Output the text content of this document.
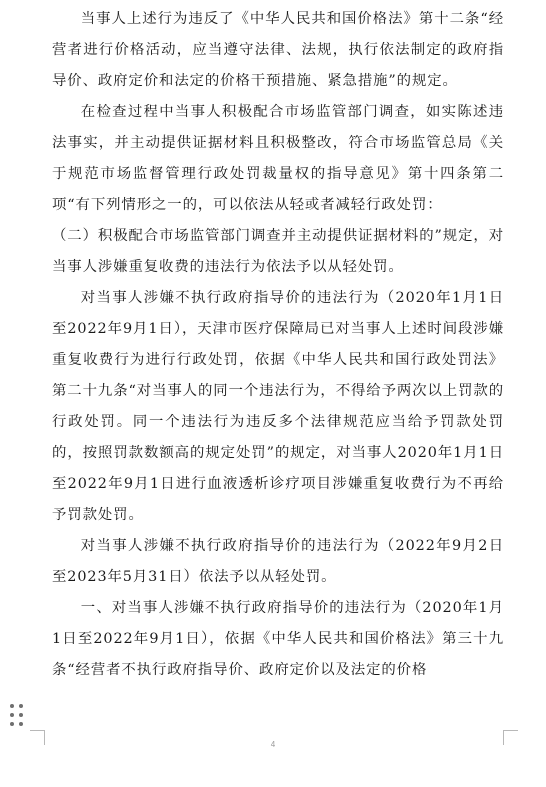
当事人上述行为违反了《中华人民共和国价格法》第十二条“经营者进行价格活动，应当遵守法律、法规，执行依法制定的政府指导价、政府定价和法定的价格干预措施、紧急措施”的规定。

在检查过程中当事人积极配合市场监管部门调查，如实陈述违法事实，并主动提供证据材料且积极整改，符合市场监管总局《关于规范市场监督管理行政处罚裁量权的指导意见》第十四条第二项“有下列情形之一的，可以依法从轻或者减轻行政处罚：

（二）积极配合市场监管部门调查并主动提供证据材料的”规定，对当事人涉嫌重复收费的违法行为依法予以从轻处罚。

对当事人涉嫌不执行政府指导价的违法行为（2020年1月1日至2022年9月1日），天津市医疗保障局已对当事人上述时间段涉嫌重复收费行为进行行政处罚，依据《中华人民共和国行政处罚法》第二十九条“对当事人的同一个违法行为，不得给予两次以上罚款的行政处罚。同一个违法行为违反多个法律规范应当给予罚款处罚的，按照罚款数额高的规定处罚”的规定，对当事人2020年1月1日至2022年9月1日进行血液透析诊疗项目涉嫌重复收费行为不再给予罚款处罚。

对当事人涉嫌不执行政府指导价的违法行为（2022年9月2日至2023年5月31日）依法予以从轻处罚。

一、对当事人涉嫌不执行政府指导价的违法行为（2020年1月1日至2022年9月1日），依据《中华人民共和国价格法》第三十九条“经营者不执行政府指导价、政府定价以及法定的价格

4
